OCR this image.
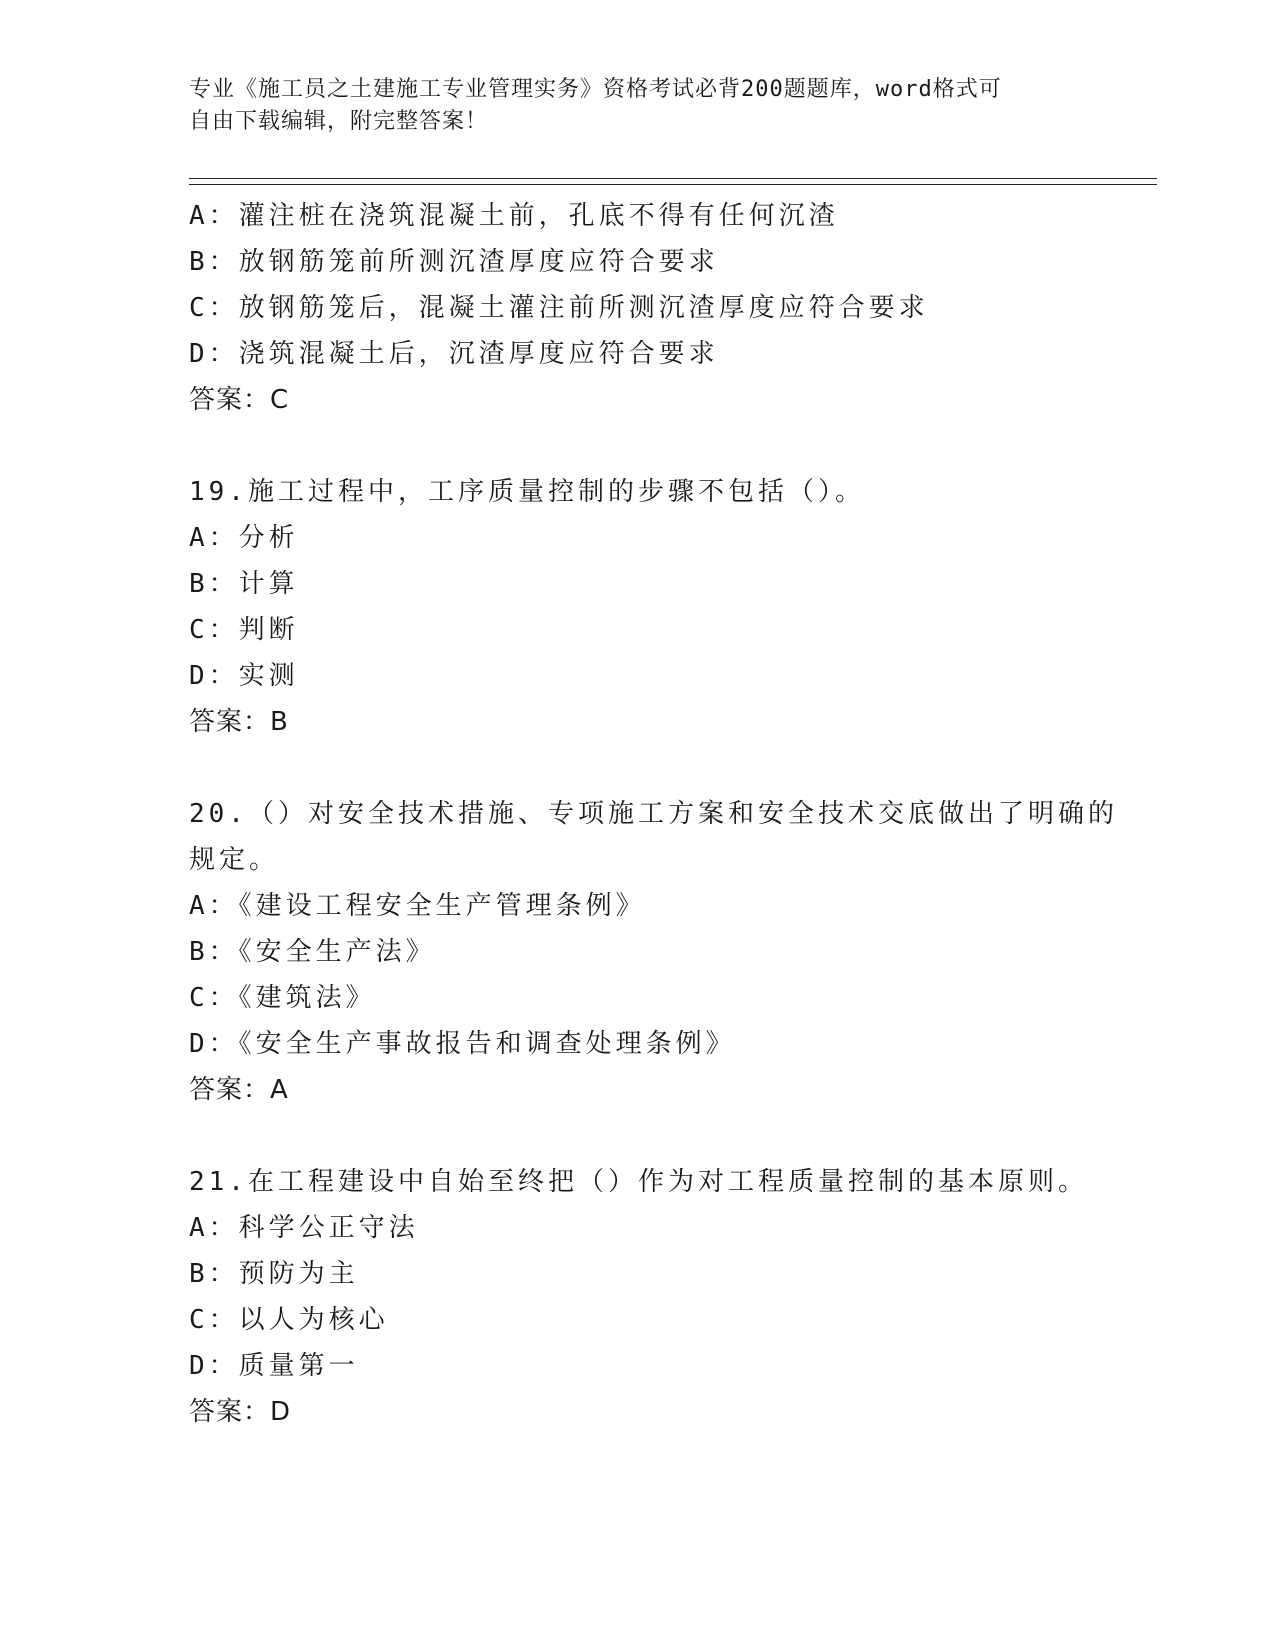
专业《施工员之土建施工专业管理实务》资格考试必背200题题库，word格式可
自由下载编辑，附完整答案！
A：灌注桩在浇筑混凝土前，孔底不得有任何沉渣
B：放钢筋笼前所测沉渣厚度应符合要求
C：放钢筋笼后，混凝土灌注前所测沉渣厚度应符合要求
D：浇筑混凝土后，沉渣厚度应符合要求
答案：C
19.施工过程中，工序质量控制的步骤不包括（）。
A：分析
B：计算
C：判断
D：实测
答案：B
20.（）对安全技术措施、专项施工方案和安全技术交底做出了明确的
规定。
A：《建设工程安全生产管理条例》
B：《安全生产法》
C：《建筑法》
D：《安全生产事故报告和调查处理条例》
答案：A
21.在工程建设中自始至终把（）作为对工程质量控制的基本原则。
A：科学公正守法
B：预防为主
C：以人为核心
D：质量第一
答案：D
